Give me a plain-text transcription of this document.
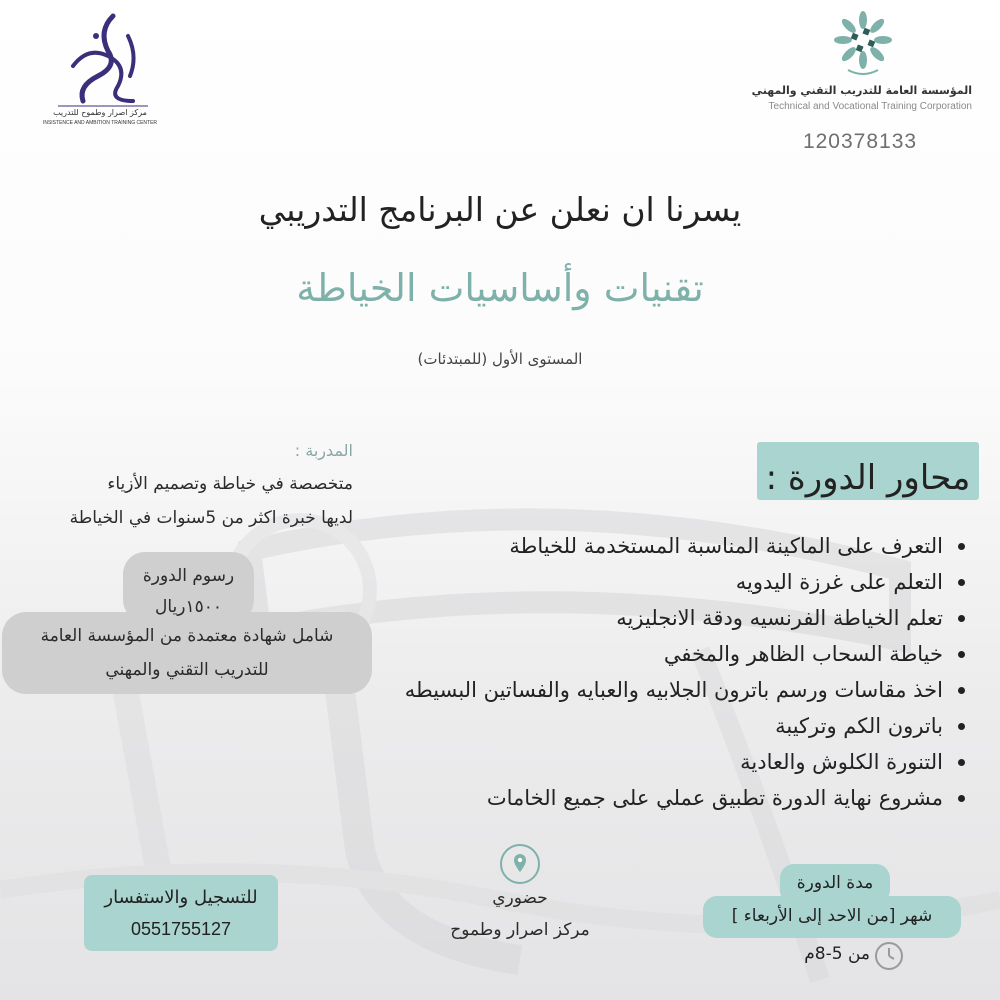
مركز اصرار وطموح للتدريب
INSISTENCE AND AMBITION TRAINING CENTER
المؤسسة العامة للتدريب التقني والمهني
Technical and Vocational Training Corporation
120378133
يسرنا ان نعلن عن البرنامج التدريبي
تقنيات وأساسيات الخياطة
المستوى الأول (للمبتدئات)
محاور الدورة :
التعرف على الماكينة المناسبة المستخدمة للخياطة
التعلم على غرزة اليدويه
تعلم الخياطة الفرنسيه ودقة الانجليزيه
خياطة السحاب الظاهر والمخفي
اخذ مقاسات ورسم باترون الجلابيه والعبايه والفساتين البسيطه
باترون الكم وتركيبة
التنورة الكلوش والعادية
مشروع نهاية الدورة تطبيق عملي على جميع الخامات
المدربة :
متخصصة في خياطة وتصميم الأزياء
لديها خبرة اكثر من 5سنوات في الخياطة
رسوم الدورة
١٥٠٠ريال
شامل شهادة معتمدة من المؤسسة العامة
للتدريب التقني والمهني
للتسجيل والاستفسار
0551755127
حضوري
مركز اصرار وطموح
مدة الدورة
شهر [من الاحد إلى الأربعاء ]
من 5-8م
